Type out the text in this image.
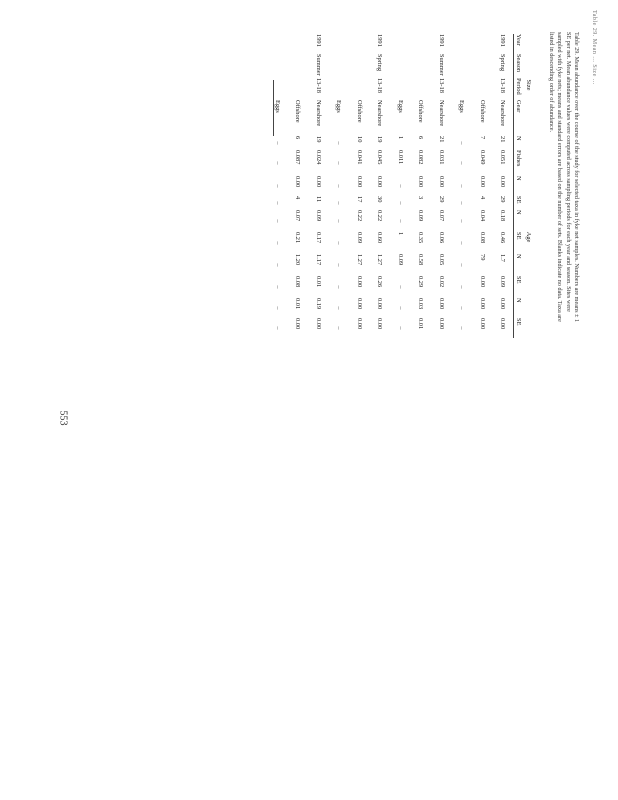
Table 29. Mean ... Size ...

Table 29. Mean abundance over the course of the study for selected taxa in fyke net samples. Numbers are means ± 1 SE per net. Mean abundance values were computed across sampling periods for each year and season. Sites were sampled with fyke nets; means and standard errors are based on the number of sets. Blanks indicate no data. Taxa are listed in descending order of abundance.

Size				Age									
Year	Season	Period	Gear	N	Fishes	N	SE	N	SE	N	SE	N	SE
1991	Spring	13-18	Nearshore	21	0.051	0.00	29	0.18	0.46	1.7	0.09	0.00	0.00
			Offshore	7	0.049	0.00	4	0.04	0.08	79	0.00	0.00	0.00
			Eggs	–	–	–	–	–	–	–	–	–	–
1991	Summer	13-18	Nearshore	21	0.031	0.00	29	0.07	0.06	0.05	0.02	0.00	0.00
			Offshore	6	0.082	0.00	3	0.09	0.35	0.58	0.29	0.03	0.01
			Eggs	1	0.011	–	–	–	1	0.09	–	–	–
1991	Spring	13-18	Nearshore	19	0.045	0.00	30	0.22	0.60	1.27	0.26	0.00	0.00
			Offshore	10	0.041	0.00	17	0.22	0.09	1.27	0.00	0.00	0.00
			Eggs	–	–	–	–	–	–	–	–	–	–
1991	Summer	13-18	Nearshore	19	0.024	0.00	11	0.09	0.17	1.17	0.01	0.19	0.00
			Offshore	6	0.087	0.00	4	0.07	0.21	1.20	0.08	0.01	0.00
			Eggs	–	–	–	–	–	–	–	–	–	–
553
